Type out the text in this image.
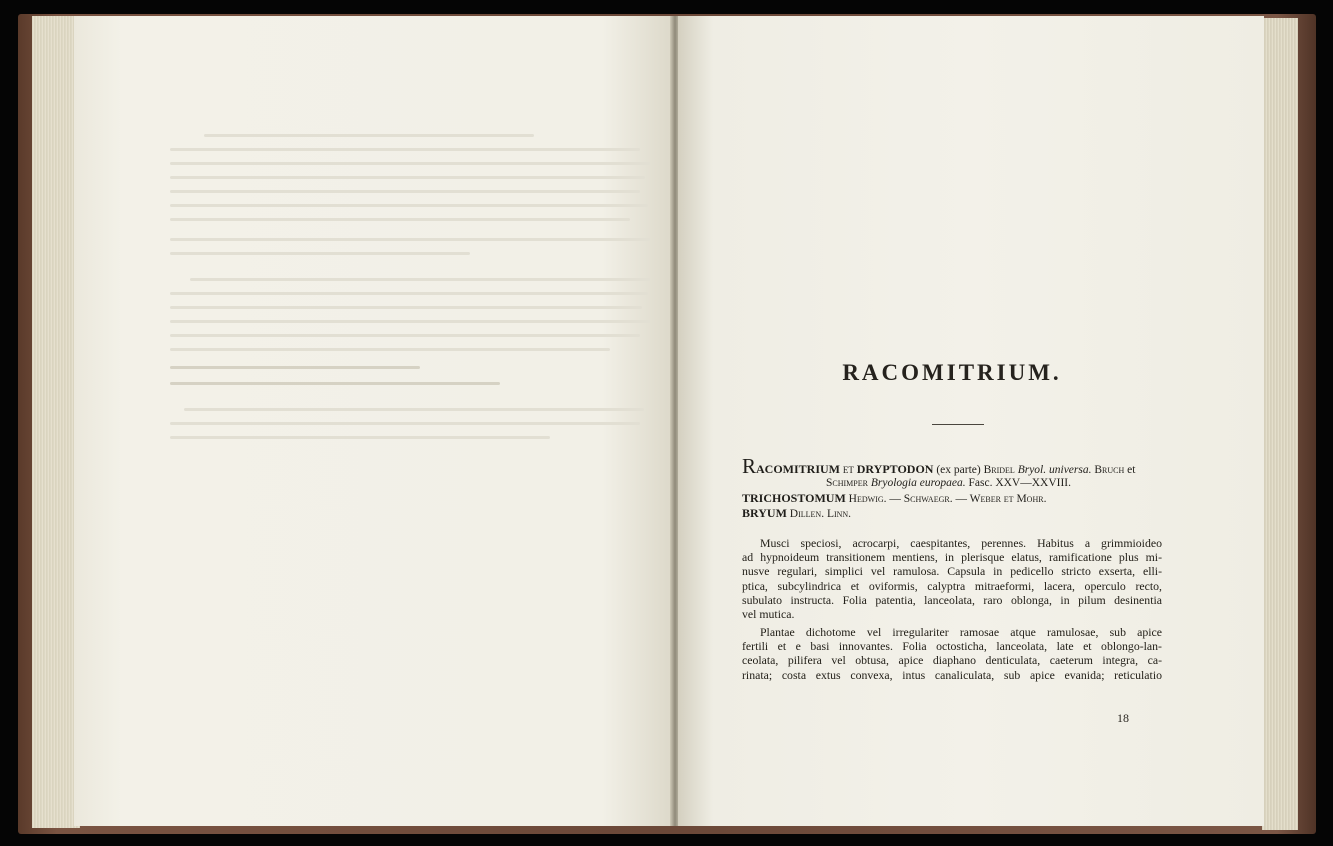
RACOMITRIUM.
RACOMITRIUM ET DRYPTODON (ex parte) Bridel Bryol. universa. Bruch et
Schimper Bryologia europaea. Fasc. XXV—XXVIII.
TRICHOSTOMUM Hedwig. — Schwaegr. — Weber et Mohr.
BRYUM Dillen. Linn.
Musci speciosi, acrocarpi, caespitantes, perennes. Habitus a grimmioideo
ad hypnoideum transitionem mentiens, in plerisque elatus, ramificatione plus mi-
nusve regulari, simplici vel ramulosa. Capsula in pedicello stricto exserta, elli-
ptica, subcylindrica et oviformis, calyptra mitraeformi, lacera, operculo recto,
subulato instructa. Folia patentia, lanceolata, raro oblonga, in pilum desinentia
vel mutica.
Plantae dichotome vel irregulariter ramosae atque ramulosae, sub apice
fertili et e basi innovantes. Folia octosticha, lanceolata, late et oblongo-lan-
ceolata, pilifera vel obtusa, apice diaphano denticulata, caeterum integra, ca-
rinata; costa extus convexa, intus canaliculata, sub apice evanida; reticulatio
18
